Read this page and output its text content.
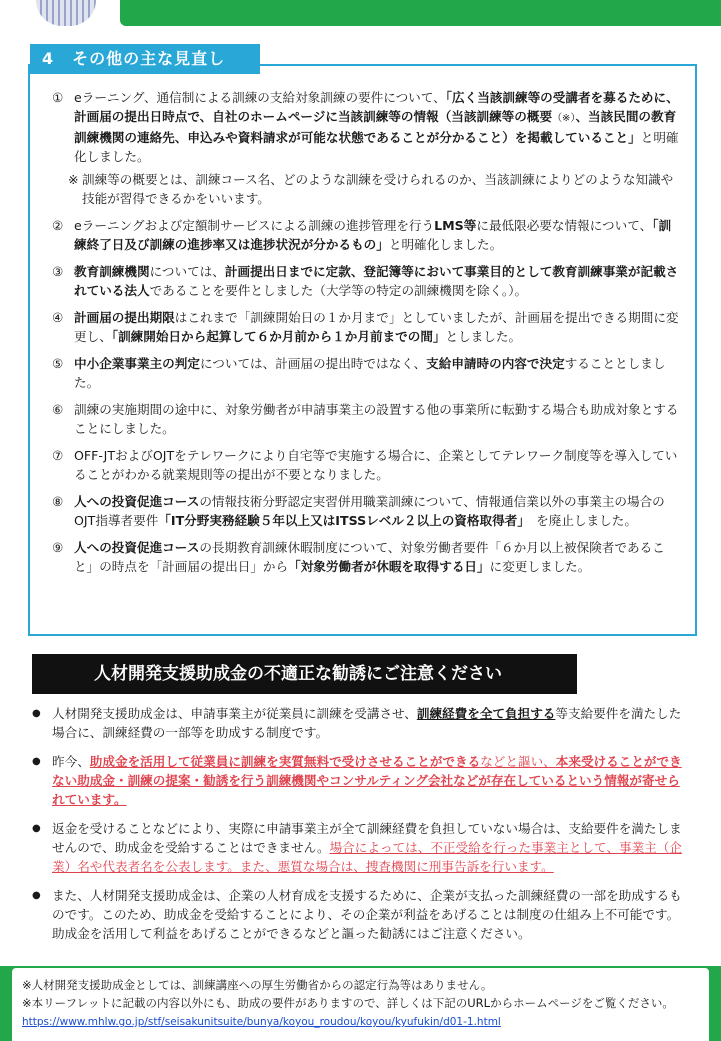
4 その他の主な見直し
① eラーニング、通信制による訓練の支給対象訓練の要件について、「広く当該訓練等の受講者を募るために、計画届の提出日時点で、自社のホームページに当該訓練等の情報（当該訓練等の概要（※）、当該民間の教育訓練機関の連絡先、申込みや資料請求が可能な状態であることが分かること）を掲載していること」と明確化しました。
※ 訓練等の概要とは、訓練コース名、どのような訓練を受けられるのか、当該訓練によりどのような知識や技能が習得できるかをいいます。
② eラーニングおよび定額制サービスによる訓練の進捗管理を行うLMS等に最低限必要な情報について、「訓練終了日及び訓練の進捗率又は進捗状況が分かるもの」と明確化しました。
③ 教育訓練機関については、計画提出日までに定款、登記簿等において事業目的として教育訓練事業が記載されている法人であることを要件としました（大学等の特定の訓練機関を除く。）。
④ 計画届の提出期限はこれまで「訓練開始日の１か月まで」としていましたが、計画届を提出できる期間に変更し、「訓練開始日から起算して６か月前から１か月前までの間」としました。
⑤ 中小企業事業主の判定については、計画届の提出時ではなく、支給申請時の内容で決定することとしました。
⑥ 訓練の実施期間の途中に、対象労働者が申請事業主の設置する他の事業所に転勤する場合も助成対象とすることにしました。
⑦ OFF-JTおよびOJTをテレワークにより自宅等で実施する場合に、企業としてテレワーク制度等を導入していることがわかる就業規則等の提出が不要となりました。
⑧ 人への投資促進コースの情報技術分野認定実習併用職業訓練について、情報通信業以外の事業主の場合のOJT指導者要件「IT分野実務経験５年以上又はITSSレベル２以上の資格取得者」　を廃止しました。
⑨ 人への投資促進コースの長期教育訓練休暇制度について、対象労働者要件「６か月以上被保険者であること」の時点を「計画届の提出日」から「対象労働者が休暇を取得する日」に変更しました。
人材開発支援助成金の不適正な勧誘にご注意ください
● 人材開発支援助成金は、申請事業主が従業員に訓練を受講させ、訓練経費を全て負担する等支給要件を満たした場合に、訓練経費の一部等を助成する制度です。
● 昨今、助成金を活用して従業員に訓練を実質無料で受けさせることができるなどと謳い、本来受けることができない助成金・訓練の提案・勧誘を行う訓練機関やコンサルティング会社などが存在しているという情報が寄せられています。
● 返金を受けることなどにより、実際に申請事業主が全て訓練経費を負担していない場合は、支給要件を満たしませんので、助成金を受給することはできません。場合によっては、不正受給を行った事業主として、事業主（企業）名や代表者名を公表します。また、悪質な場合は、捜査機関に刑事告訴を行います。
● また、人材開発支援助成金は、企業の人材育成を支援するために、企業が支払った訓練経費の一部を助成するものです。このため、助成金を受給することにより、その企業が利益をあげることは制度の仕組み上不可能です。助成金を活用して利益をあげることができるなどと謳った勧誘にはご注意ください。
※人材開発支援助成金としては、訓練講座への厚生労働省からの認定行為等はありません。
※本リーフレットに記載の内容以外にも、助成の要件がありますので、詳しくは下記のURLからホームページをご覧ください。 https://www.mhlw.go.jp/stf/seisakunitsuite/bunya/koyou_roudou/koyou/kyufukin/d01-1.html
